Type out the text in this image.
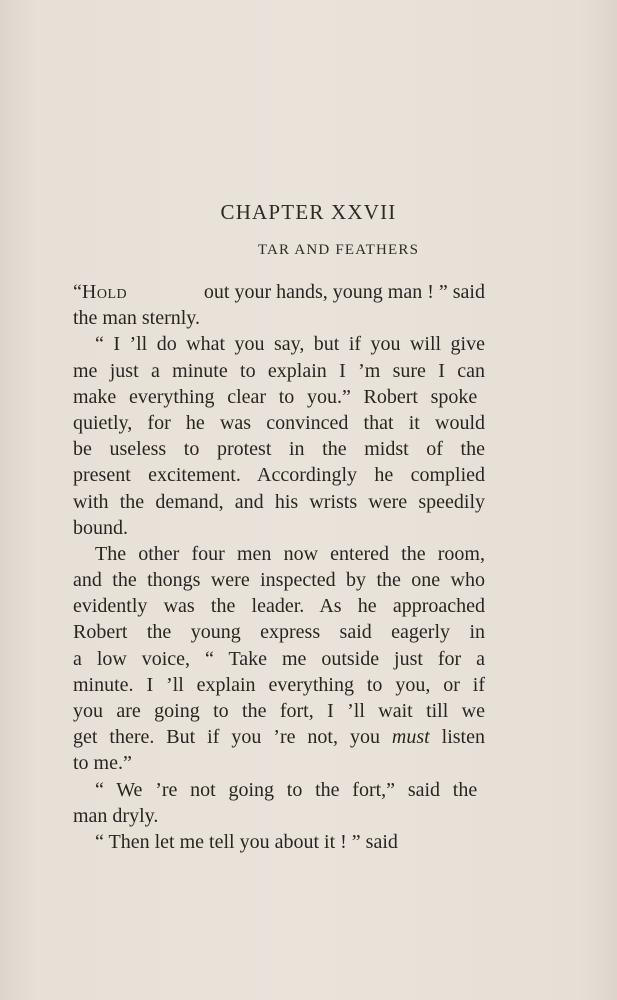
CHAPTER XXVII
TAR AND FEATHERS
“Hold	out your hands, young man ! ” said
the man sternly.
“ I ’ll do what you say, but if you will give
me just a minute to explain I ’m sure I can
make everything clear to you.” Robert spoke
quietly, for he was convinced that it would
be useless to protest in the midst of the
present excitement. Accordingly he complied
with the demand, and his wrists were speedily
bound.
The other four men now entered the room,
and the thongs were inspected by the one who
evidently was the leader. As he approached
Robert the young express said eagerly in
a low voice, “ Take me outside just for a
minute. I ’ll explain everything to you, or if
you are going to the fort, I ’ll wait till we
get there. But if you ’re not, you must listen
to me.”
“ We ’re not going to the fort,” said the
man dryly.
“ Then let me tell you about it ! ” said
